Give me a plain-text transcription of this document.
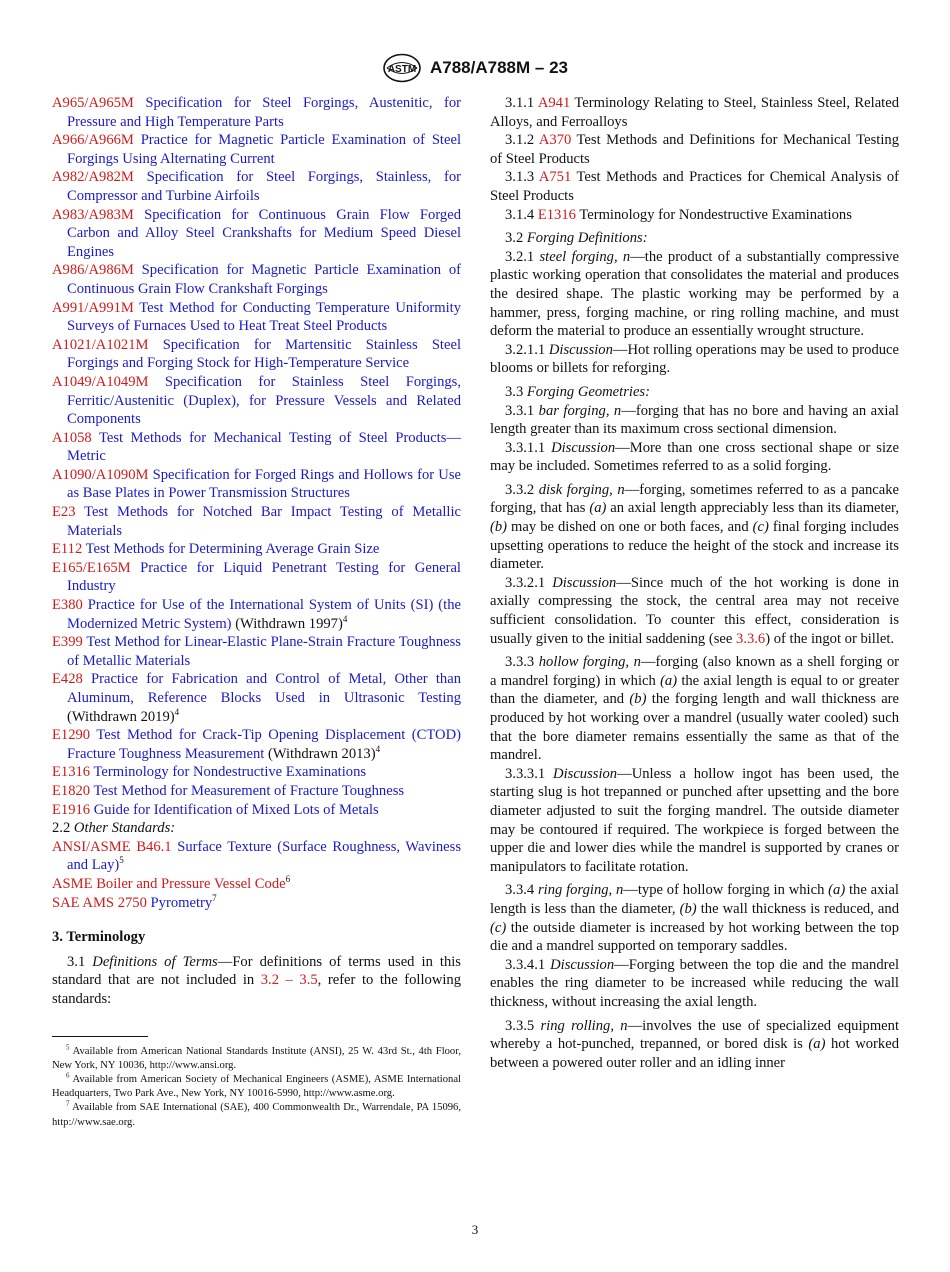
ASTM A788/A788M – 23

A965/A965M Specification for Steel Forgings, Austenitic, for Pressure and High Temperature Parts

A966/A966M Practice for Magnetic Particle Examination of Steel Forgings Using Alternating Current

A982/A982M Specification for Steel Forgings, Stainless, for Compressor and Turbine Airfoils

A983/A983M Specification for Continuous Grain Flow Forged Carbon and Alloy Steel Crankshafts for Medium Speed Diesel Engines

A986/A986M Specification for Magnetic Particle Examination of Continuous Grain Flow Crankshaft Forgings

A991/A991M Test Method for Conducting Temperature Uniformity Surveys of Furnaces Used to Heat Treat Steel Products

A1021/A1021M Specification for Martensitic Stainless Steel Forgings and Forging Stock for High-Temperature Service

A1049/A1049M Specification for Stainless Steel Forgings, Ferritic/Austenitic (Duplex), for Pressure Vessels and Related Components

A1058 Test Methods for Mechanical Testing of Steel Products—Metric

A1090/A1090M Specification for Forged Rings and Hollows for Use as Base Plates in Power Transmission Structures

E23 Test Methods for Notched Bar Impact Testing of Metallic Materials

E112 Test Methods for Determining Average Grain Size

E165/E165M Practice for Liquid Penetrant Testing for General Industry

E380 Practice for Use of the International System of Units (SI) (the Modernized Metric System) (Withdrawn 1997)$^4$

E399 Test Method for Linear-Elastic Plane-Strain Fracture Toughness of Metallic Materials

E428 Practice for Fabrication and Control of Metal, Other than Aluminum, Reference Blocks Used in Ultrasonic Testing (Withdrawn 2019)$^4$

E1290 Test Method for Crack-Tip Opening Displacement (CTOD) Fracture Toughness Measurement (Withdrawn 2013)$^4$

E1316 Terminology for Nondestructive Examinations

E1820 Test Method for Measurement of Fracture Toughness

E1916 Guide for Identification of Mixed Lots of Metals

2.2 Other Standards:

ANSI/ASME B46.1 Surface Texture (Surface Roughness, Waviness and Lay)$^5$

ASME Boiler and Pressure Vessel Code$^6$

SAE AMS 2750 Pyrometry$^7$

3. Terminology

3.1 Definitions of Terms—For definitions of terms used in this standard that are not included in 3.2 – 3.5, refer to the following standards:

$^5$ Available from American National Standards Institute (ANSI), 25 W. 43rd St., 4th Floor, New York, NY 10036, http://www.ansi.org.

$^6$ Available from American Society of Mechanical Engineers (ASME), ASME International Headquarters, Two Park Ave., New York, NY 10016-5990, http://www.asme.org.

$^7$ Available from SAE International (SAE), 400 Commonwealth Dr., Warrendale, PA 15096, http://www.sae.org.

3.1.1 A941 Terminology Relating to Steel, Stainless Steel, Related Alloys, and Ferroalloys

3.1.2 A370 Test Methods and Definitions for Mechanical Testing of Steel Products

3.1.3 A751 Test Methods and Practices for Chemical Analysis of Steel Products

3.1.4 E1316 Terminology for Nondestructive Examinations

3.2 Forging Definitions:

3.2.1 steel forging, n—the product of a substantially compressive plastic working operation that consolidates the material and produces the desired shape. The plastic working may be performed by a hammer, press, forging machine, or ring rolling machine, and must deform the material to produce an essentially wrought structure.

3.2.1.1 Discussion—Hot rolling operations may be used to produce blooms or billets for reforging.

3.3 Forging Geometries:

3.3.1 bar forging, n—forging that has no bore and having an axial length greater than its maximum cross sectional dimension.

3.3.1.1 Discussion—More than one cross sectional shape or size may be included. Sometimes referred to as a solid forging.

3.3.2 disk forging, n—forging, sometimes referred to as a pancake forging, that has (a) an axial length appreciably less than its diameter, (b) may be dished on one or both faces, and (c) final forging includes upsetting operations to reduce the height of the stock and increase its diameter.

3.3.2.1 Discussion—Since much of the hot working is done in axially compressing the stock, the central area may not receive sufficient consolidation. To counter this effect, consideration is usually given to the initial saddening (see 3.3.6) of the ingot or billet.

3.3.3 hollow forging, n—forging (also known as a shell forging or a mandrel forging) in which (a) the axial length is equal to or greater than the diameter, and (b) the forging length and wall thickness are produced by hot working over a mandrel (usually water cooled) such that the bore diameter remains essentially the same as that of the mandrel.

3.3.3.1 Discussion—Unless a hollow ingot has been used, the starting slug is hot trepanned or punched after upsetting and the bore diameter adjusted to suit the forging mandrel. The outside diameter may be contoured if required. The workpiece is forged between the upper die and lower dies while the mandrel is supported by cranes or manipulators to facilitate rotation.

3.3.4 ring forging, n—type of hollow forging in which (a) the axial length is less than the diameter, (b) the wall thickness is reduced, and (c) the outside diameter is increased by hot working between the top die and a mandrel supported on temporary saddles.

3.3.4.1 Discussion—Forging between the top die and the mandrel enables the ring diameter to be increased while reducing the wall thickness, without increasing the axial length.

3.3.5 ring rolling, n—involves the use of specialized equipment whereby a hot-punched, trepanned, or bored disk is (a) hot worked between a powered outer roller and an idling inner

3
